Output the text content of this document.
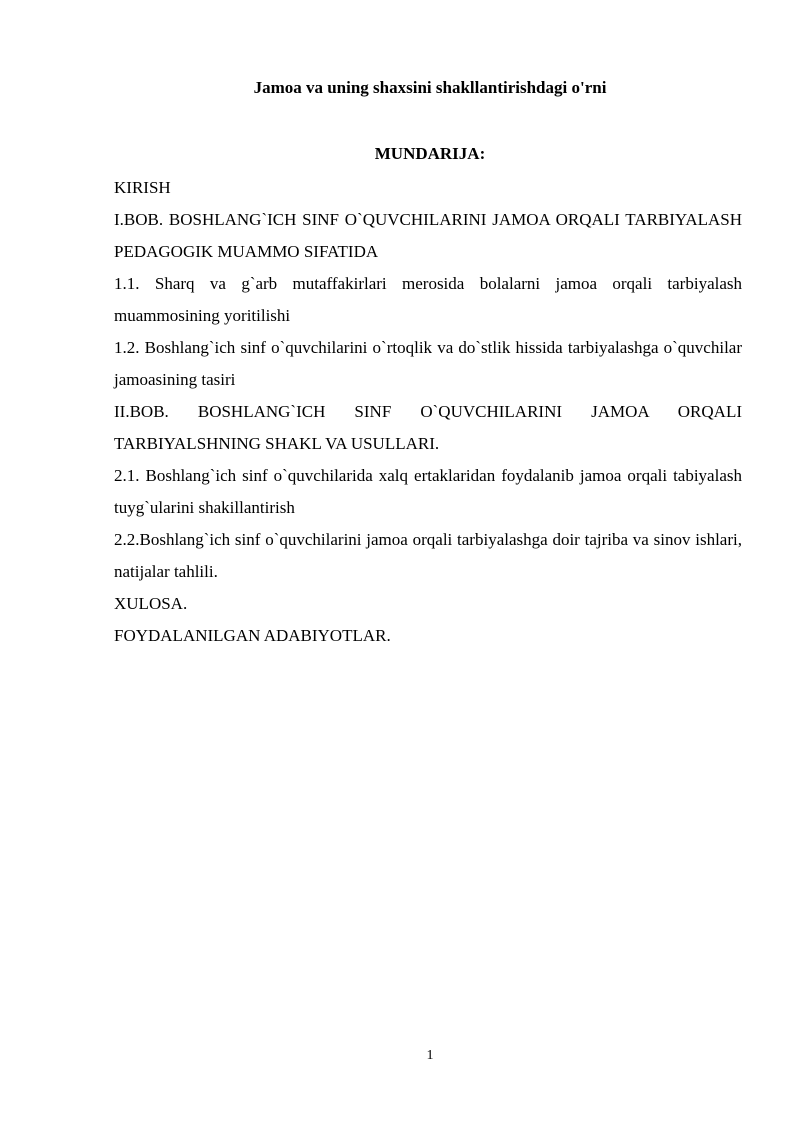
Jamoa va uning shaxsini shakllantirishdagi o'rni
MUNDARIJA:

KIRISH

I.BOB. BOSHLANG`ICH SINF O`QUVCHILARINI JAMOA ORQALI TARBIYALASH PEDAGOGIK MUAMMO SIFATIDA

1.1. Sharq va g`arb mutaffakirlari merosida bolalarni jamoa orqali tarbiyalash muammosining yoritilishi

1.2. Boshlang`ich sinf o`quvchilarini o`rtoqlik va do`stlik hissida tarbiyalashga o`quvchilar jamoasining tasiri

II.BOB. BOSHLANG`ICH SINF O`QUVCHILARINI JAMOA ORQALI TARBIYALSHNING SHAKL VA USULLARI.

2.1. Boshlang`ich sinf o`quvchilarida xalq ertaklaridan foydalanib jamoa orqali tabiyalash tuyg`ularini shakillantirish

2.2.Boshlang`ich sinf o`quvchilarini jamoa orqali tarbiyalashga doir tajriba va sinov ishlari, natijalar tahlili.

XULOSA.

FOYDALANILGAN ADABIYOTLAR.

1
